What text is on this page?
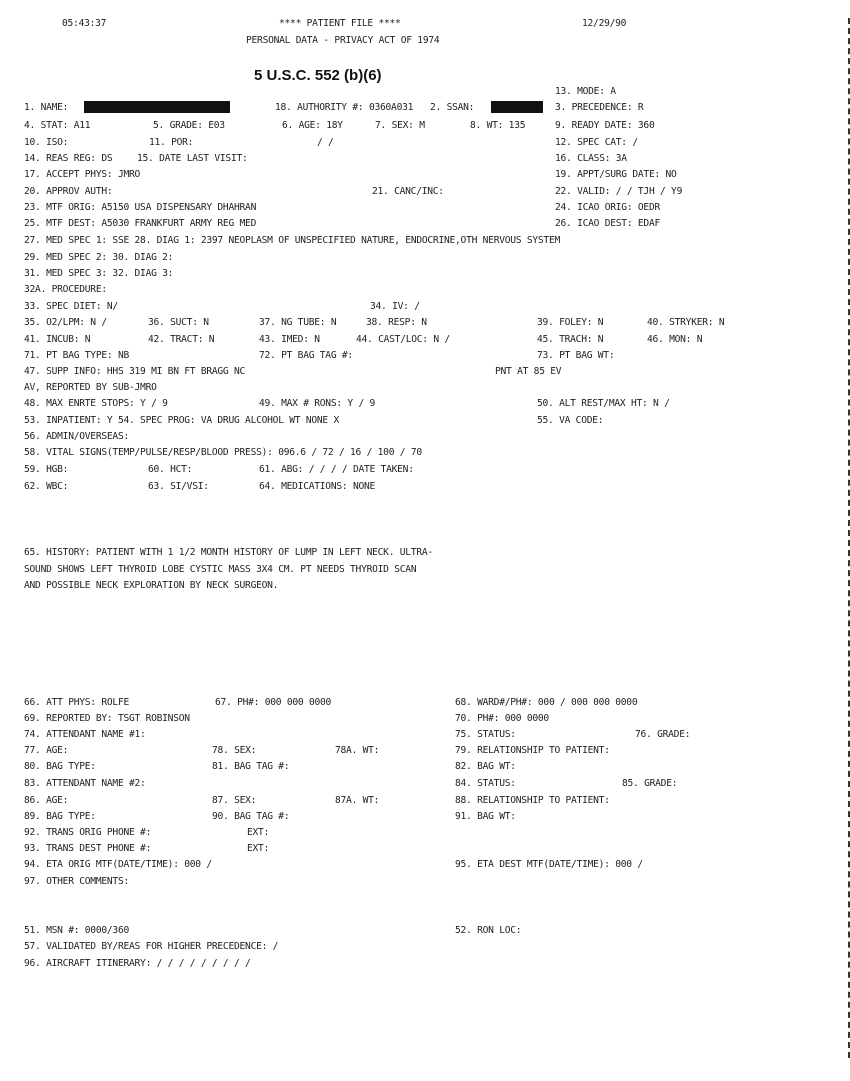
05:43:37	**** PATIENT FILE ****	12/29/90
PERSONAL DATA - PRIVACY ACT OF 1974
5 U.S.C. 552 (b)(6)
13. MODE: A
1. NAME:	18. AUTHORITY #: 0360A031 2. SSAN:	3. PRECEDENCE: R
4. STAT: A11	5. GRADE: E03	6. AGE: 18Y	7. SEX: M	8. WT: 135	9. READY DATE: 360
10. ISO:	11. POR:	/ /	12. SPEC CAT: /
14. REAS REG: DS	15. DATE LAST VISIT:	16. CLASS: 3A
17. ACCEPT PHYS: JMRO	19. APPT/SURG DATE: NO
20. APPROV AUTH:	21. CANC/INC:	22. VALID: / / TJH / Y9
23. MTF ORIG: A5150 USA DISPENSARY DHAHRAN	24. ICAO ORIG: OEDR
25. MTF DEST: A5030 FRANKFURT ARMY REG MED	26. ICAO DEST: EDAF
27. MED SPEC 1: SSE 28. DIAG 1: 2397 NEOPLASM OF UNSPECIFIED NATURE, ENDOCRINE,OTH NERVOUS SYSTEM
29. MED SPEC 2: 30. DIAG 2:
31. MED SPEC 3: 32. DIAG 3:
32A. PROCEDURE:
33. SPEC DIET: N/	34. IV: /
35. O2/LPM: N /	36. SUCT: N	37. NG TUBE: N	38. RESP: N	39. FOLEY: N	40. STRYKER: N
41. INCUB: N	42. TRACT: N	43. IMED: N	44. CAST/LOC: N /	45. TRACH: N	46. MON: N
71. PT BAG TYPE: NB	72. PT BAG TAG #:	73. PT BAG WT:
47. SUPP INFO: HHS 319 MI BN FT BRAGG NC	PNT AT 85 EV
AV, REPORTED BY SUB-JMRO
48. MAX ENRTE STOPS: Y / 9	49. MAX # RONS: Y / 9	50. ALT REST/MAX HT: N /
53. INPATIENT: Y 54. SPEC PROG: VA DRUG ALCOHOL WT NONE X	55. VA CODE:
56. ADMIN/OVERSEAS:
58. VITAL SIGNS(TEMP/PULSE/RESP/BLOOD PRESS): 096.6 / 72 / 16 / 100 / 70
59. HGB:	60. HCT:	61. ABG: / / / / DATE TAKEN:
62. WBC:	63. SI/VSI:	64. MEDICATIONS: NONE
65. HISTORY: PATIENT WITH 1 1/2 MONTH HISTORY OF LUMP IN LEFT NECK. ULTRA-
SOUND SHOWS LEFT THYROID LOBE CYSTIC MASS 3X4 CM. PT NEEDS THYROID SCAN
AND POSSIBLE NECK EXPLORATION BY NECK SURGEON.
66. ATT PHYS: ROLFE	67. PH#: 000 000 0000	68. WARD#/PH#: 000 / 000 000 0000
69. REPORTED BY: TSGT ROBINSON	70. PH#: 000 0000
74. ATTENDANT NAME #1:	75. STATUS:	76. GRADE:
77. AGE:	78. SEX:	78A. WT:	79. RELATIONSHIP TO PATIENT:
80. BAG TYPE:	81. BAG TAG #:	82. BAG WT:
83. ATTENDANT NAME #2:	84. STATUS:	85. GRADE:
86. AGE:	87. SEX:	87A. WT:	88. RELATIONSHIP TO PATIENT:
89. BAG TYPE:	90. BAG TAG #:	91. BAG WT:
92. TRANS ORIG PHONE #:	EXT:
93. TRANS DEST PHONE #:	EXT:
94. ETA ORIG MTF(DATE/TIME): 000 /	95. ETA DEST MTF(DATE/TIME): 000 /
97. OTHER COMMENTS:
51. MSN #: 0000/360	52. RON LOC:
57. VALIDATED BY/REAS FOR HIGHER PRECEDENCE: /
96. AIRCRAFT ITINERARY: / / / / / / / / /
